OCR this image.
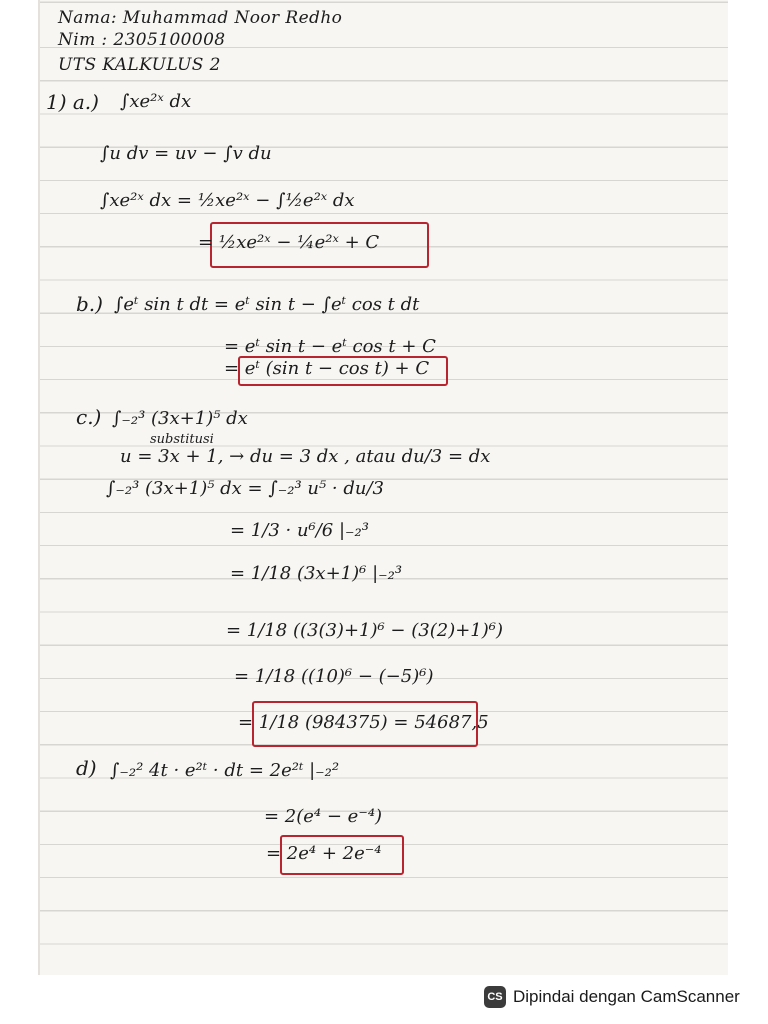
Nama: Muhammad Noor Redho
Nim : 2305100008
UTS KALKULUS 2
1) a.) ∫xe²ˣ dx
∫u dv = uv − ∫v du
∫xe²ˣ dx = ½xe²ˣ − ∫½e²ˣ dx
= ½xe²ˣ − ¼e²ˣ + C
b.) ∫eᵗ sin t dt = eᵗ sin t − ∫eᵗ cos t dt
= eᵗ sin t − eᵗ cos t + C
= eᵗ (sin t − cos t) + C
c.) ∫₋₂³ (3x+1)⁵ dx
substitusi
u = 3x + 1, → du = 3 dx , atau du/3 = dx
∫₋₂³ (3x+1)⁵ dx = ∫₋₂³ u⁵ · du/3
= 1/3 · u⁶/6 |₋₂³
= 1/18 (3x+1)⁶ |₋₂³
= 1/18 ((3(3)+1)⁶ − (3(2)+1)⁶)
= 1/18 ((10)⁶ − (−5)⁶)
= 1/18 (984375) = 54687,5
d) ∫₋₂² 4t · e²ᵗ · dt = 2e²ᵗ |₋₂²
= 2(e⁴ − e⁻⁴)
= 2e⁴ + 2e⁻⁴
CS Dipindai dengan CamScanner
